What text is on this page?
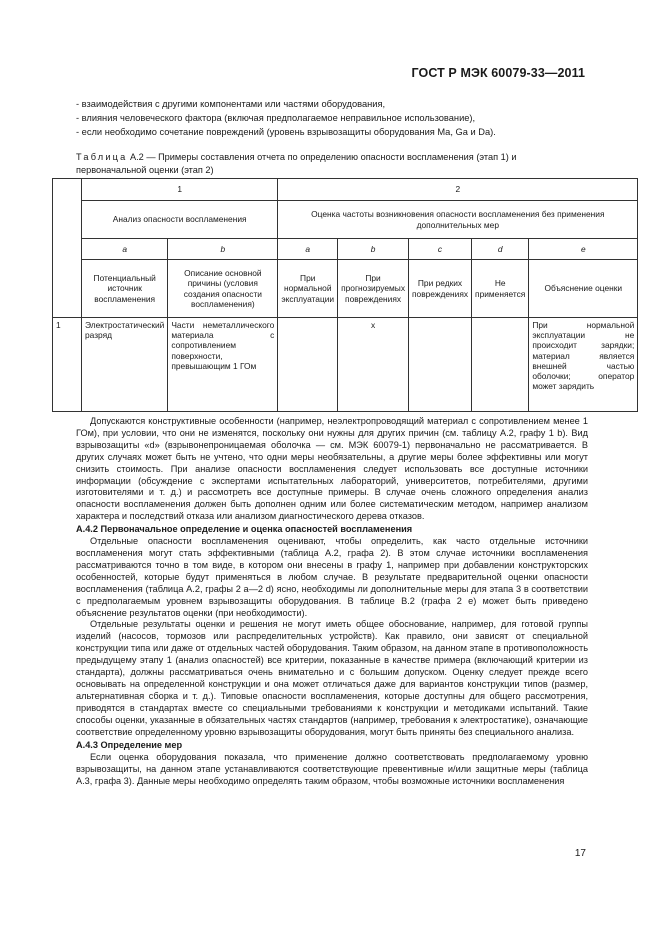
ГОСТ Р МЭК 60079-33—2011
- взаимодействия с другими компонентами или частями оборудования,
- влияния человеческого фактора (включая предполагаемое неправильное использование),
- если необходимо сочетание повреждений (уровень взрывозащиты оборудования Ma, Ga и Da).
Таблица А.2 — Примеры составления отчета по определению опасности воспламенения (этап 1) и первоначальной оценки (этап 2)
	1		2				
	Анализ опасности воспламенения		Оценка частоты возникновения опасности воспламенения без применения дополнительных мер				
	a	b	a	b	c	d	e
	Потенциальный источник воспламенения	Описание основной причины (условия создания опасности воспламенения)	При нормальной эксплуатации	При прогнозируемых повреждениях	При редких повреждениях	Не применяется	Объяснение оценки
1	Электростатический разряд	Части неметаллического материала с сопротивлением поверхности, превышающим 1 ГОм		х			При нормальной эксплуатации не происходит зарядки; материал является внешней частью оболочки; оператор может зарядить

Допускаются конструктивные особенности (например, неэлектропроводящий материал с сопротивлением менее 1 ГОм), при условии, что они не изменятся, поскольку они нужны для других причин (см. таблицу А.2, графу 1 b). Вид взрывозащиты «d» (взрывонепроницаемая оболочка — см. МЭК 60079-1) первоначально не рассматривается. В других случаях может быть не учтено, что одни меры необязательны, а другие меры более эффективны или могут снизить стоимость. При анализе опасности воспламенения следует использовать все доступные источники информации (обсуждение с экспертами испытательных лабораторий, университетов, потребителями, другими изготовителями и т. д.) и рассмотреть все доступные примеры. В случае очень сложного определения анализ опасности воспламенения должен быть дополнен одним или более систематическим методом, например анализом характера и последствий отказа или анализом диагностического дерева отказов.

А.4.2 Первоначальное определение и оценка опасностей воспламенения

Отдельные опасности воспламенения оценивают, чтобы определить, как часто отдельные источники воспламенения могут стать эффективными (таблица А.2, графа 2). В этом случае источники воспламенения рассматриваются точно в том виде, в котором они внесены в графу 1, например при добавлении конструкторских особенностей, которые будут применяться в любом случае. В результате предварительной оценки опасности воспламенения (таблица А.2, графы 2 a—2 d) ясно, необходимы ли дополнительные меры для этапа 3 в соответствии с предполагаемым уровнем взрывозащиты оборудования. В таблице В.2 (графа 2 e) может быть приведено объяснение результатов оценки (при необходимости).

Отдельные результаты оценки и решения не могут иметь общее обоснование, например, для готовой группы изделий (насосов, тормозов или распределительных устройств). Как правило, они зависят от специальной конструкции типа или даже от отдельных частей оборудования. Таким образом, на данном этапе в противоположность предыдущему этапу 1 (анализ опасностей) все критерии, показанные в качестве примера (включающий критерии из стандарта), должны рассматриваться очень внимательно и с большим допуском. Оценку следует прежде всего основывать на определенной конструкции и она может отличаться даже для вариантов конструкции типов (размер, альтернативная сборка и т. д.). Типовые опасности воспламенения, которые доступны для общего рассмотрения, приводятся в стандартах вместе со специальными требованиями к конструкции и методиками испытаний. Такие способы оценки, указанные в обязательных частях стандартов (например, требования к электростатике), означающие соответствие определенному уровню взрывозащиты оборудования, могут быть приняты без специального анализа.

А.4.3 Определение мер

Если оценка оборудования показала, что применение должно соответствовать предполагаемому уровню взрывозащиты, на данном этапе устанавливаются соответствующие превентивные и/или защитные меры (таблица А.3, графа 3). Данные меры необходимо определять таким образом, чтобы возможные источники воспламенения

17
